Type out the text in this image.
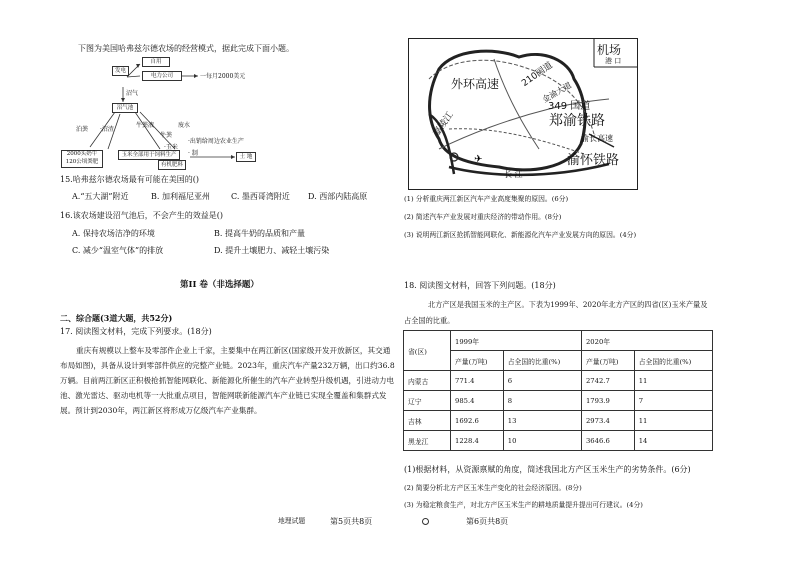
下图为美国哈弗兹尔德农场的经营模式，据此完成下面小题。
发电
自用
电力公司	一每月2000美元
沼气
沼气池
泊粪 ·沼渣
牛粪液
牛粪
废水
·出销给周边农业生产
2000头奶牛
120公顷粪肥
玉米全部用于饲料生产
有机肥料
·玉米
· 制	土 地
15.哈弗兹尔德农场最有可能在美国的()
A.“五大湖”附近	B. 加利福尼亚州	C. 墨西哥湾附近 D. 西部内陆高原
16.该农场建设沼气池后，不会产生的效益是()
A. 保持农场洁净的环境	B. 提高牛奶的品质和产量
C. 减少“温室气体”的排放	D. 提升土壤肥力、减轻土壤污染
第II 卷（非选择题）
二、综合题(3道大题，共52分)
17. 阅读图文材料，完成下列要求。(18分)
重庆有规模以上整车及零部件企业上千家，主要集中在两江新区(国家级开发开放新区，其交通布局如图)，具备从设计到零部件供应的完整产业链。2023年，重庆汽车产量232万辆，出口约36.8万辆。目前两江新区正积极抢抓智能网联化、新能源化所催生的汽车产业转型升级机遇，引进动力电池、激光雷达、驱动电机等一大批重点项目，智能网联新能源汽车产业链已实现全覆盖和集群式发展。预计到2030年，两江新区将形成万亿级汽车产业集群。
✈
机场
港 口
外环高速 210国道
金渝大道
349 国道
郑渝铁路
嘉陵江
渝长高速
渝怀铁路
长 江
(1) 分析重庆两江新区汽车产业高度集聚的原因。(6分)
(2) 简述汽车产业发展对重庆经济的带动作用。(8分)
(3) 说明两江新区抢抓智能网联化、新能源化汽车产业发展方向的原因。(4分)
18. 阅读图文材料，回答下列问题。(18分)
北方产区是我国玉米的主产区。下表为1999年、2020年北方产区的四省(区)玉米产量及
占全国的比重。
省(区)	1999年		2020年	
	产量(万吨)	占全国的比重(%)	产量(万吨)	占全国的比重(%)
内蒙古	771.4	6	2742.7	11
辽宁	985.4	8	1793.9	7
吉林	1692.6	13	2973.4	11
黑龙江	1228.4	10	3646.6	14
(1)根据材料，从资源禀赋的角度，简述我国北方产区玉米生产的劣势条件。(6分)
(2) 简要分析北方产区玉米生产变化的社会经济原因。(8分)
(3) 为稳定粮食生产，对北方产区玉米生产的耕地质量提升提出可行建议。(4分)
地理试题	第5页共8页	第6页共8页
